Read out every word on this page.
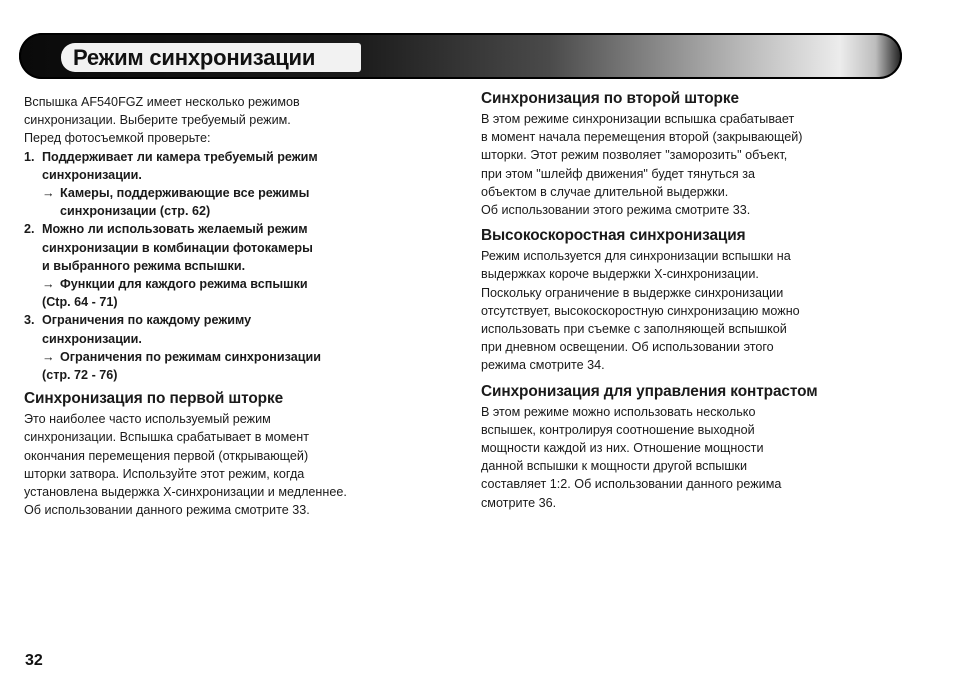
Режим синхронизации

Вспышка AF540FGZ имеет несколько режимов

синхронизации. Выберите требуемый режим.

Перед фотосъемкой проверьте:

1. Поддерживает ли камера требуемый режим
синхронизации.
→ Камеры, поддерживающие все режимы
синхронизации (стр. 62)
2. Можно ли использовать желаемый режим
синхронизации в комбинации фотокамеры
и выбранного режима вспышки.
→ Функции для каждого режима вспышки
(Ctp. 64 - 71)
3. Ограничения по каждому режиму
синхронизации.
→ Ограничения по режимам синхронизации
(стр. 72 - 76)
Синхронизация по первой шторке

Это наиболее часто используемый режим

синхронизации. Вспышка срабатывает в момент

окончания перемещения первой (открывающей)

шторки затвора. Используйте этот режим, когда

установлена выдержка X-синхронизации и медленнее.

Об использовании данного режима смотрите 33.

Синхронизация по второй шторке

В этом режиме синхронизации вспышка срабатывает

в момент начала перемещения второй (закрывающей)

шторки. Этот режим позволяет "заморозить" объект,

при этом "шлейф движения" будет тянуться за

объектом в случае длительной выдержки.

Об использовании этого режима смотрите 33.

Высокоскоростная синхронизация

Режим используется для синхронизации вспышки на

выдержках короче выдержки X-синхронизации.

Поскольку ограничение в выдержке синхронизации

отсутствует, высокоскоростную синхронизацию можно

использовать при съемке с заполняющей вспышкой

при дневном освещении. Об использовании этого

режима смотрите 34.

Синхронизация для управления контрастом

В этом режиме можно использовать несколько

вспышек, контролируя соотношение выходной

мощности каждой из них. Отношение мощности

данной вспышки к мощности другой вспышки

составляет 1:2. Об использовании данного режима

смотрите 36.

32
